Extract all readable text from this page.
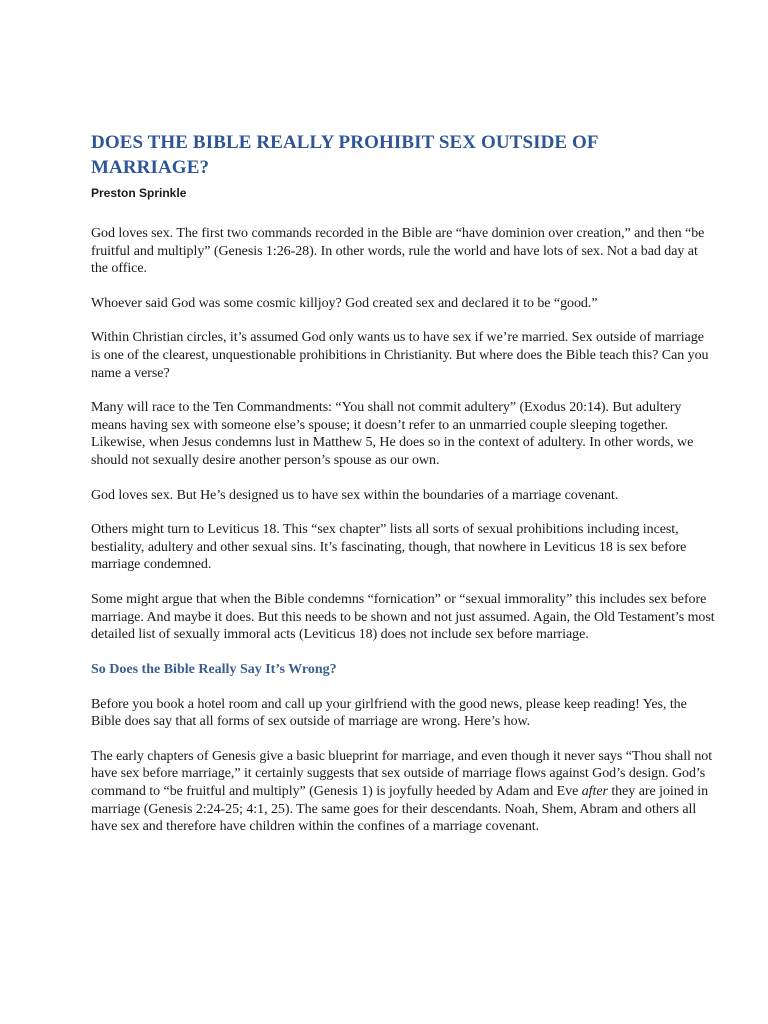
DOES THE BIBLE REALLY PROHIBIT SEX OUTSIDE OF MARRIAGE?

Preston Sprinkle

God loves sex. The first two commands recorded in the Bible are “have dominion over creation,” and then “be fruitful and multiply” (Genesis 1:26-28). In other words, rule the world and have lots of sex. Not a bad day at the office.

Whoever said God was some cosmic killjoy? God created sex and declared it to be “good.”

Within Christian circles, it’s assumed God only wants us to have sex if we’re married. Sex outside of marriage is one of the clearest, unquestionable prohibitions in Christianity. But where does the Bible teach this? Can you name a verse?

Many will race to the Ten Commandments: “You shall not commit adultery” (Exodus 20:14). But adultery means having sex with someone else’s spouse; it doesn’t refer to an unmarried couple sleeping together. Likewise, when Jesus condemns lust in Matthew 5, He does so in the context of adultery. In other words, we should not sexually desire another person’s spouse as our own.

God loves sex. But He’s designed us to have sex within the boundaries of a marriage covenant.

Others might turn to Leviticus 18. This “sex chapter” lists all sorts of sexual prohibitions including incest, bestiality, adultery and other sexual sins. It’s fascinating, though, that nowhere in Leviticus 18 is sex before marriage condemned.

Some might argue that when the Bible condemns “fornication” or “sexual immorality” this includes sex before marriage. And maybe it does. But this needs to be shown and not just assumed. Again, the Old Testament’s most detailed list of sexually immoral acts (Leviticus 18) does not include sex before marriage.

So Does the Bible Really Say It’s Wrong?

Before you book a hotel room and call up your girlfriend with the good news, please keep reading! Yes, the Bible does say that all forms of sex outside of marriage are wrong. Here’s how.

The early chapters of Genesis give a basic blueprint for marriage, and even though it never says “Thou shall not have sex before marriage,” it certainly suggests that sex outside of marriage flows against God’s design. God’s command to “be fruitful and multiply” (Genesis 1) is joyfully heeded by Adam and Eve after they are joined in marriage (Genesis 2:24-25; 4:1, 25). The same goes for their descendants. Noah, Shem, Abram and others all have sex and therefore have children within the confines of a marriage covenant.
